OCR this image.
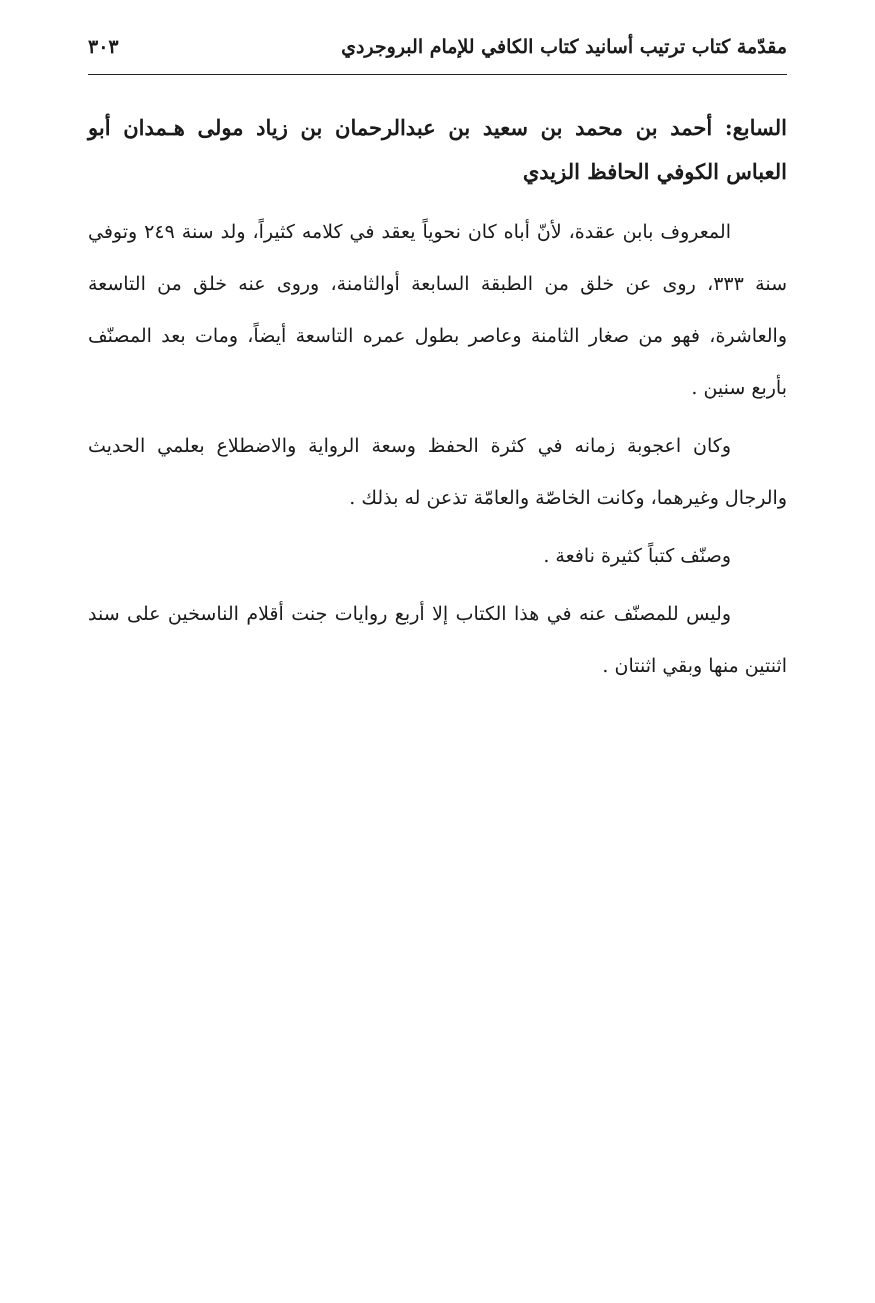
مقدّمة كتاب ترتيب أسانيد كتاب الكافي للإمام البروجردي
٣٠٣

السابع: أحمد بن محمد بن سعيد بن عبدالرحمان بن زياد مولى هـمدان أبو العباس الكوفي الحافظ الزيدي

المعروف بابن عقدة، لأنّ أباه كان نحوياً يعقد في كلامه كثيراً، ولد سنة ٢٤٩ وتوفي سنة ٣٣٣، روى عن خلق من الطبقة السابعة أوالثامنة، وروى عنه خلق من التاسعة والعاشرة، فهو من صغار الثامنة وعاصر بطول عمره التاسعة أيضاً، ومات بعد المصنّف بأربع سنين .

وكان اعجوبة زمانه في كثرة الحفظ وسعة الرواية والاضطلاع بعلمي الحديث والرجال وغيرهما، وكانت الخاصّة والعامّة تذعن له بذلك .

وصنّف كتباً كثيرة نافعة .

وليس للمصنّف عنه في هذا الكتاب إلا أربع روايات جنت أقلام الناسخين على سند اثنتين منها وبقي اثنتان .
